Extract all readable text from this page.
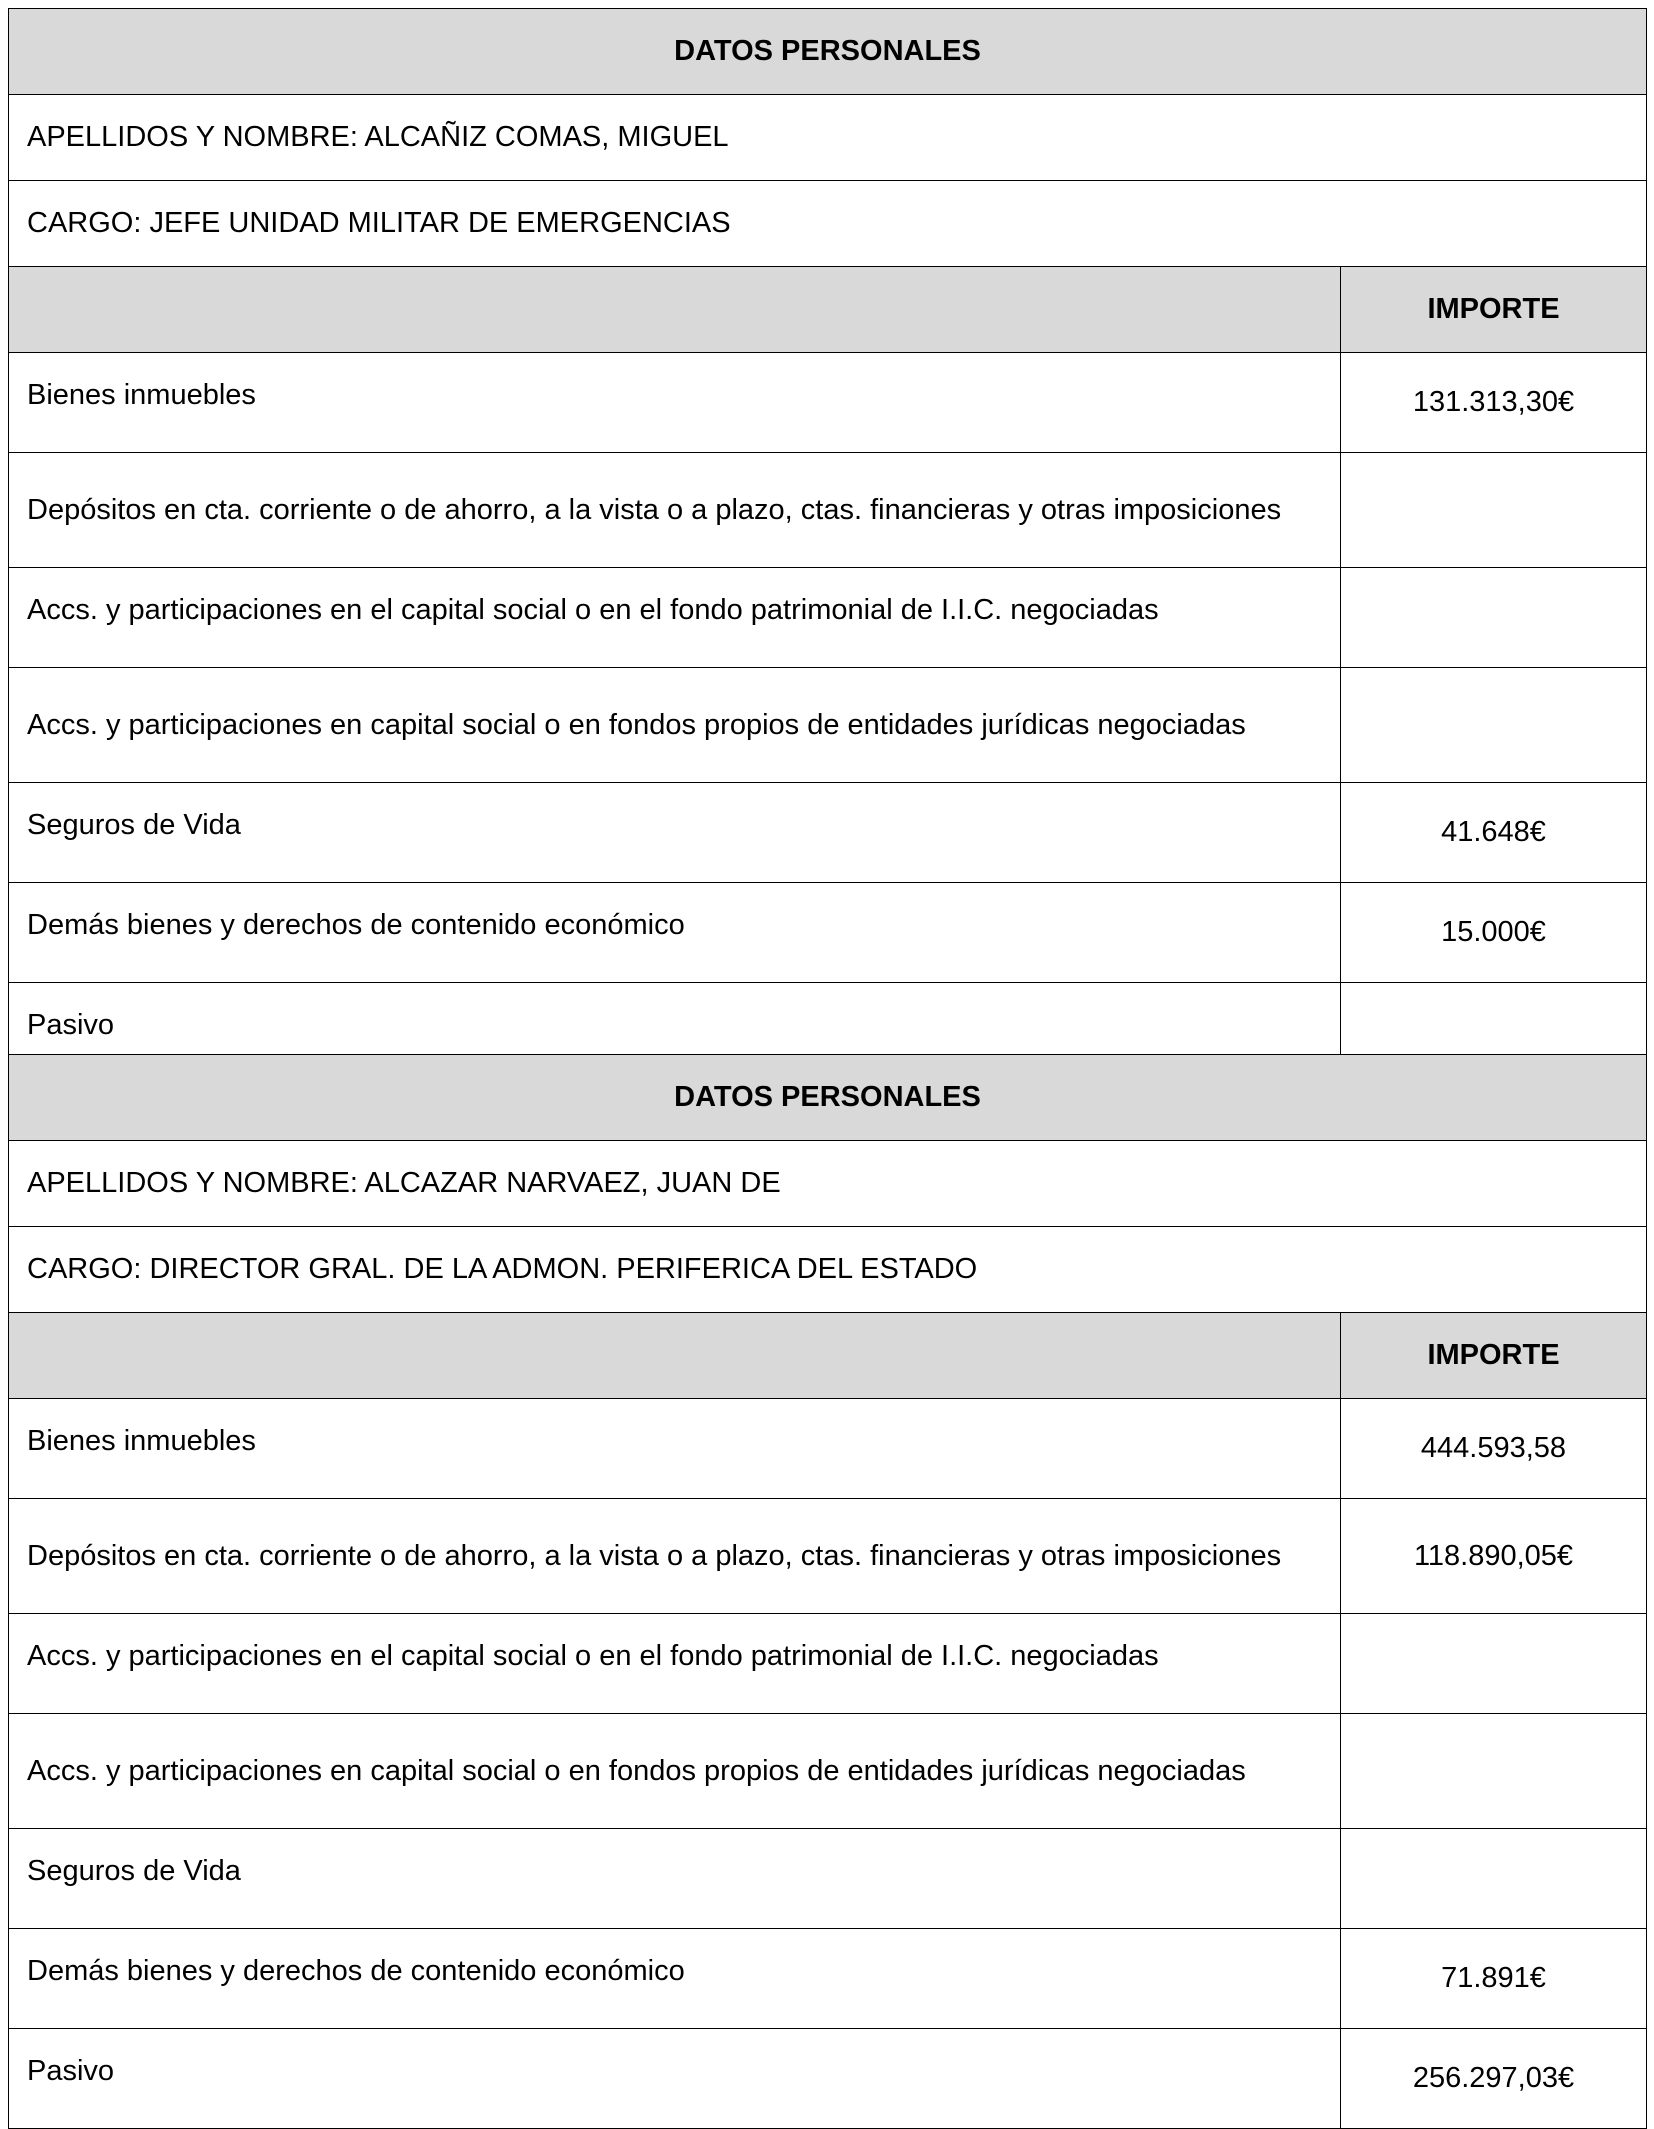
DATOS PERSONALES	
APELLIDOS Y NOMBRE: ALCAÑIZ COMAS, MIGUEL	
CARGO: JEFE UNIDAD MILITAR DE EMERGENCIAS	
	IMPORTE
Bienes inmuebles	131.313,30€
Depósitos en cta. corriente o de ahorro, a la vista o a plazo, ctas. financieras y otras imposiciones	
Accs. y participaciones en el capital social o en el fondo patrimonial de I.I.C. negociadas	
Accs. y participaciones en capital social o en fondos propios de entidades jurídicas negociadas	
Seguros de Vida	41.648€
Demás bienes y derechos de contenido económico	15.000€
Pasivo	
DATOS PERSONALES	
APELLIDOS Y NOMBRE: ALCAZAR NARVAEZ, JUAN DE	
CARGO: DIRECTOR GRAL. DE LA ADMON. PERIFERICA DEL ESTADO	
	IMPORTE
Bienes inmuebles	444.593,58
Depósitos en cta. corriente o de ahorro, a la vista o a plazo, ctas. financieras y otras imposiciones	118.890,05€
Accs. y participaciones en el capital social o en el fondo patrimonial de I.I.C. negociadas	
Accs. y participaciones en capital social o en fondos propios de entidades jurídicas negociadas	
Seguros de Vida	
Demás bienes y derechos de contenido económico	71.891€
Pasivo	256.297,03€
